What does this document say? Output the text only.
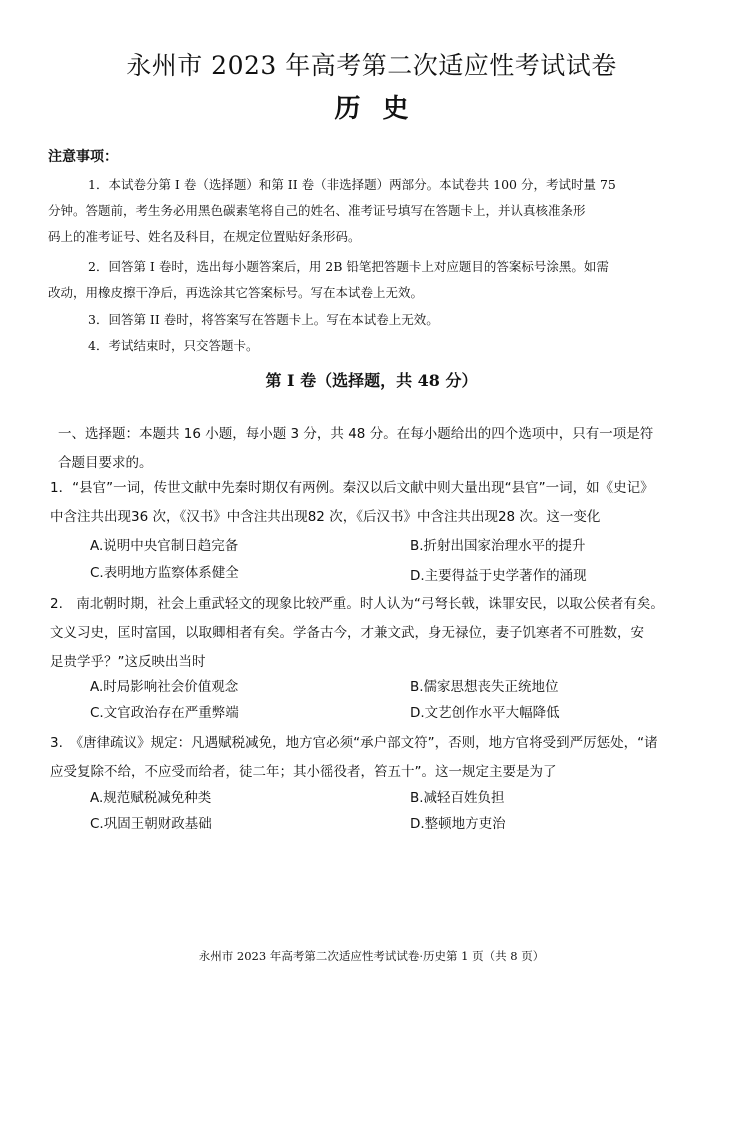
永州市 2023 年高考第二次适应性考试试卷
历史
注意事项：

1．本试卷分第 I 卷（选择题）和第 II 卷（非选择题）两部分。本试卷共 100 分，考试时量 75

分钟。答题前，考生务必用黑色碳素笔将自己的姓名、准考证号填写在答题卡上，并认真核准条形

码上的准考证号、姓名及科目，在规定位置贴好条形码。

2．回答第 I 卷时，选出每小题答案后，用 2B 铅笔把答题卡上对应题目的答案标号涂黑。如需

改动，用橡皮擦干净后，再选涂其它答案标号。写在本试卷上无效。

3．回答第 II 卷时，将答案写在答题卡上。写在本试卷上无效。

4．考试结束时，只交答题卡。

第 I 卷（选择题，共 48 分）

一、选择题：本题共 16 小题，每小题 3 分，共 48 分。在每小题给出的四个选项中，只有一项是符

合题目要求的。

1．“县官”一词，传世文献中先秦时期仅有两例。秦汉以后文献中则大量出现“县官”一词，如《史记》

中含注共出现36 次，《汉书》中含注共出现82 次，《后汉书》中含注共出现28 次。这一变化

A.说明中央官制日趋完备	B.折射出国家治理水平的提升
C.表明地方监察体系健全	D.主要得益于史学著作的涌现

2.　南北朝时期，社会上重武轻文的现象比较严重。时人认为“弓弩长戟，诛罪安民，以取公侯者有矣。

文义习史，匡时富国，以取卿相者有矣。学备古今，才兼文武，身无禄位，妻子饥寒者不可胜数，安

足贵学乎？”这反映出当时

A.时局影响社会价值观念	B.儒家思想丧失正统地位
C.文官政治存在严重弊端	D.文艺创作水平大幅降低

3.　《唐律疏议》规定：凡遇赋税减免，地方官必须“承户部文符”，否则，地方官将受到严厉惩处，“诸

应受复除不给，不应受而给者，徒二年；其小徭役者，笞五十”。这一规定主要是为了

A.规范赋税减免种类	B.减轻百姓负担
C.巩固王朝财政基础	D.整顿地方吏治
永州市 2023 年高考第二次适应性考试试卷·历史第 1 页（共 8 页）
